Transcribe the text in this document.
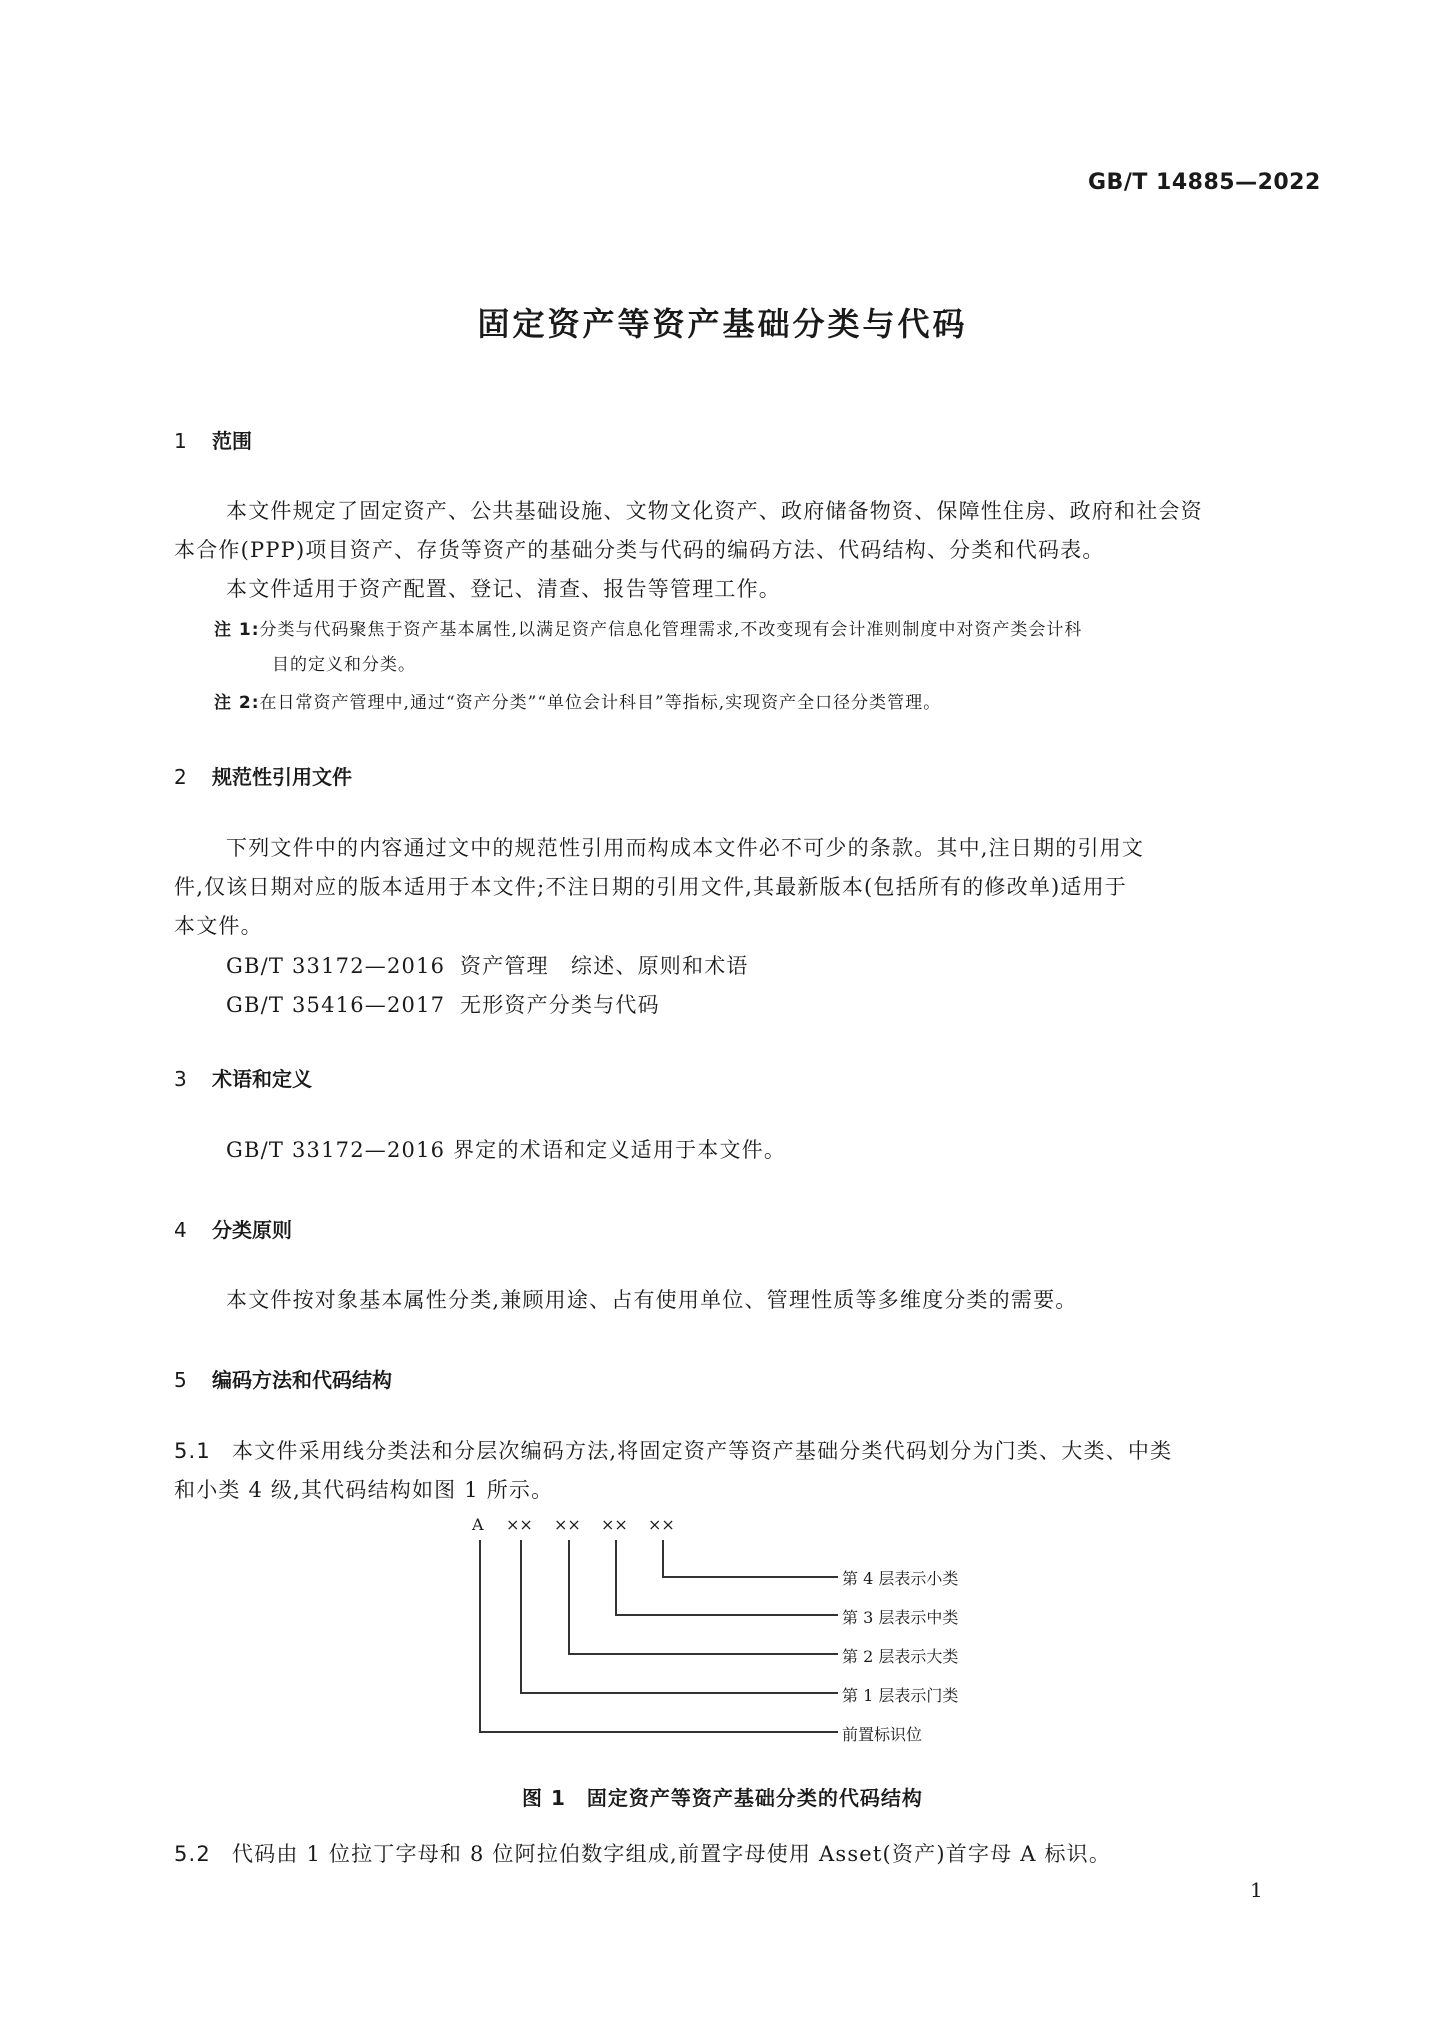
GB/T 14885—2022
固定资产等资产基础分类与代码
1 范围
本文件规定了固定资产、公共基础设施、文物文化资产、政府储备物资、保障性住房、政府和社会资
本合作(PPP)项目资产、存货等资产的基础分类与代码的编码方法、代码结构、分类和代码表。
本文件适用于资产配置、登记、清查、报告等管理工作。
注 1:分类与代码聚焦于资产基本属性,以满足资产信息化管理需求,不改变现有会计准则制度中对资产类会计科
目的定义和分类。
注 2:在日常资产管理中,通过“资产分类”“单位会计科目”等指标,实现资产全口径分类管理。
2 规范性引用文件
下列文件中的内容通过文中的规范性引用而构成本文件必不可少的条款。其中,注日期的引用文
件,仅该日期对应的版本适用于本文件;不注日期的引用文件,其最新版本(包括所有的修改单)适用于
本文件。
GB/T 33172—2016 资产管理　综述、原则和术语
GB/T 35416—2017 无形资产分类与代码
3 术语和定义
GB/T 33172—2016 界定的术语和定义适用于本文件。
4 分类原则
本文件按对象基本属性分类,兼顾用途、占有使用单位、管理性质等多维度分类的需要。
5 编码方法和代码结构
5.1 本文件采用线分类法和分层次编码方法,将固定资产等资产基础分类代码划分为门类、大类、中类
和小类 4 级,其代码结构如图 1 所示。
A ×× ×× ×× ××
第 4 层表示小类
第 3 层表示中类
第 2 层表示大类
第 1 层表示门类
前置标识位
图 1　固定资产等资产基础分类的代码结构
5.2 代码由 1 位拉丁字母和 8 位阿拉伯数字组成,前置字母使用 Asset(资产)首字母 A 标识。
1
